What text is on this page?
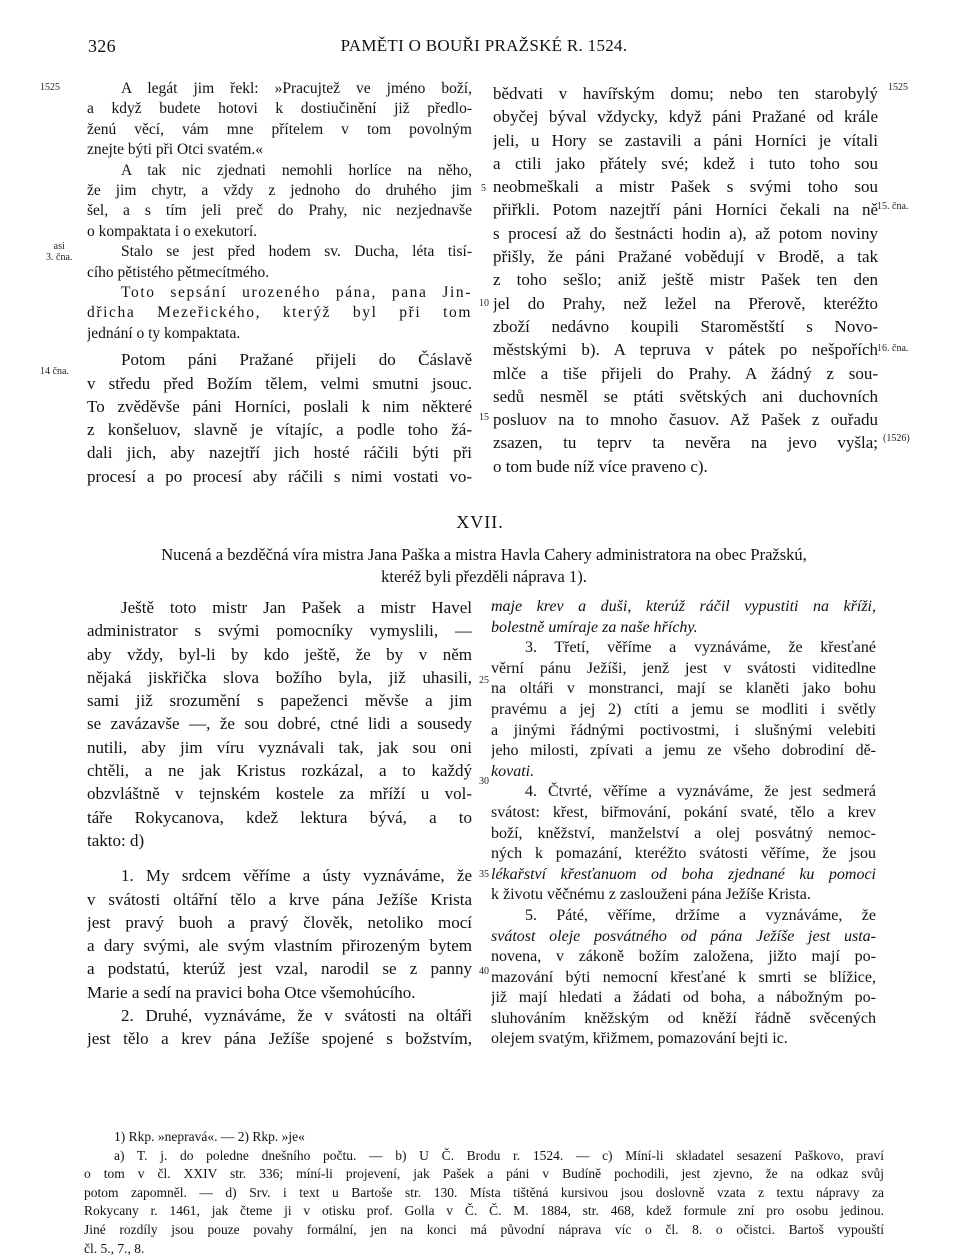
326	PAMĚTI O BOUŘI PRAŽSKÉ R. 1524.
1525
asi
3. čna.
14 čna.
1525
15. čna.
16. čna.
(1526)
5
10
15
25
30
35
40
A legát jim řekl: »Pracujtež ve jméno boží,
a když budete hotovi k dostiučinění již předlo-
ženú věcí, vám mne přítelem v tom povolným
znejte býti při Otci svatém.«
A tak nic zjednati nemohli horlíce na něho,
že jim chytr, a vždy z jednoho do druhého jim
šel, a s tím jeli preč do Prahy, nic nezjednavše
o kompaktata i o exekutorí.
Stalo se jest před hodem sv. Ducha, léta tisí-
cího pětistého pětmecítmého.
Toto sepsání urozeného pána, pana Jin-
dřicha Mezeřického, kterýž byl při tom
jednání o ty kompaktata.
Potom páni Pražané přijeli do Čáslavě
v středu před Božím tělem, velmi smutni jsouc.
To zvěděvše páni Horníci, poslali k nim některé
z konšeluov, slavně je vítajíc, a podle toho žá-
dali jich, aby nazejtří jich hosté ráčili býti při
procesí a po procesí aby ráčili s nimi vostati vo-
bědvati v havířským domu; nebo ten starobylý
obyčej býval vždycky, když páni Pražané od krále
jeli, u Hory se zastavili a páni Horníci je vítali
a ctili jako přátely své; kdež i tuto toho sou
neobmeškali a mistr Pašek s svými toho sou
přiřkli. Potom nazejtří páni Horníci čekali na ně
s procesí až do šestnácti hodin a), až potom noviny
přišly, že páni Pražané vobědují v Brodě, a tak
z toho sešlo; aniž ještě mistr Pašek ten den
jel do Prahy, než ležel na Přerově, kteréžto
zboží nedávno koupili Staroměstští s Novo-
městskými b). A tepruva v pátek po nešpořích
mlče a tiše přijeli do Prahy. A žádný z sou-
sedů nesměl se ptáti světských ani duchovních
posluov na to mnoho časuov. Až Pašek z ouřadu
zsazen, tu teprv ta nevěra na jevo vyšla;
o tom bude níž více praveno c).
XVII.
Nucená a bezděčná víra mistra Jana Paška a mistra Havla Cahery administratora na obec Pražskú,
kteréž byli přezděli náprava 1).
Ještě toto mistr Jan Pašek a mistr Havel
administrator s svými pomocníky vymyslili, —
aby vždy, byl-li by kdo ještě, že by v něm
nějaká jiskřička slova božího byla, již uhasili,
sami již srozumění s papeženci měvše a jim
se zavázavše —, že sou dobré, ctné lidi a sousedy
nutili, aby jim víru vyznávali tak, jak sou oni
chtěli, a ne jak Kristus rozkázal, a to každý
obzvláštně v tejnském kostele za mříží u vol-
táře Rokycanova, kdež lektura bývá, a to
takto: d)
1. My srdcem věříme a ústy vyznáváme, že
v svátosti oltářní tělo a krve pána Ježíše Krista
jest pravý buoh a pravý člověk, netoliko mocí
a dary svými, ale svým vlastním přirozeným bytem
a podstatú, kterúž jest vzal, narodil se z panny
Marie a sedí na pravici boha Otce všemohúcího.
2. Druhé, vyznáváme, že v svátosti na oltáři
jest tělo a krev pána Ježíše spojené s božstvím,
maje krev a duši, kterúž ráčil vypustiti na kříži,
bolestně umíraje za naše hříchy.
3. Třetí, věříme a vyznáváme, že křesťané
věrní pánu Ježíši, jenž jest v svátosti viditedlne
na oltáři v monstranci, mají se klaněti jako bohu
pravému a jej 2) ctíti a jemu se modliti i světly
a jinými řádnými poctivostmi, i slušnými velebiti
jeho milosti, zpívati a jemu ze všeho dobrodiní dě-
kovati.
4. Čtvrté, věříme a vyznáváme, že jest sedmerá
svátost: křest, biřmování, pokání svaté, tělo a krev
boží, kněžství, manželství a olej posvátný nemoc-
ných k pomazání, kteréžto svátosti věříme, že jsou
lékařství křesťanuom od boha zjednané ku pomoci
k životu věčnému z zaslouženi pána Ježíše Krista.
5. Páté, věříme, držíme a vyznáváme, že
svátost oleje posvátného od pána Ježíše jest usta-
novena, v zákoně božím založena, jižto mají po-
mazování býti nemocní křesťané k smrti se blížice,
již mají hledati a žádati od boha, a nábožným po-
sluhováním kněžským od kněží řádně svěcených
olejem svatým, křižmem, pomazování bejti ic.
1) Rkp. »nepravá«. — 2) Rkp. »je«
a) T. j. do poledne dnešního počtu. — b) U Č. Brodu r. 1524. — c) Míní-li skladatel sesazení Paškovo, praví
o tom v čl. XXIV str. 336; míní-li projevení, jak Pašek a páni v Budíně pochodili, jest zjevno, že na odkaz svůj
potom zapomněl. — d) Srv. i text u Bartoše str. 130. Místa tištěná kursivou jsou doslovně vzata z textu nápravy za
Rokycany r. 1461, jak čteme ji v otisku prof. Golla v Č. Č. M. 1884, str. 468, kdež formule zní pro osobu jedinou.
Jiné rozdíly jsou pouze povahy formální, jen na konci má původní náprava víc o čl. 8. o očistci. Bartoš vypouští
čl. 5., 7., 8.
